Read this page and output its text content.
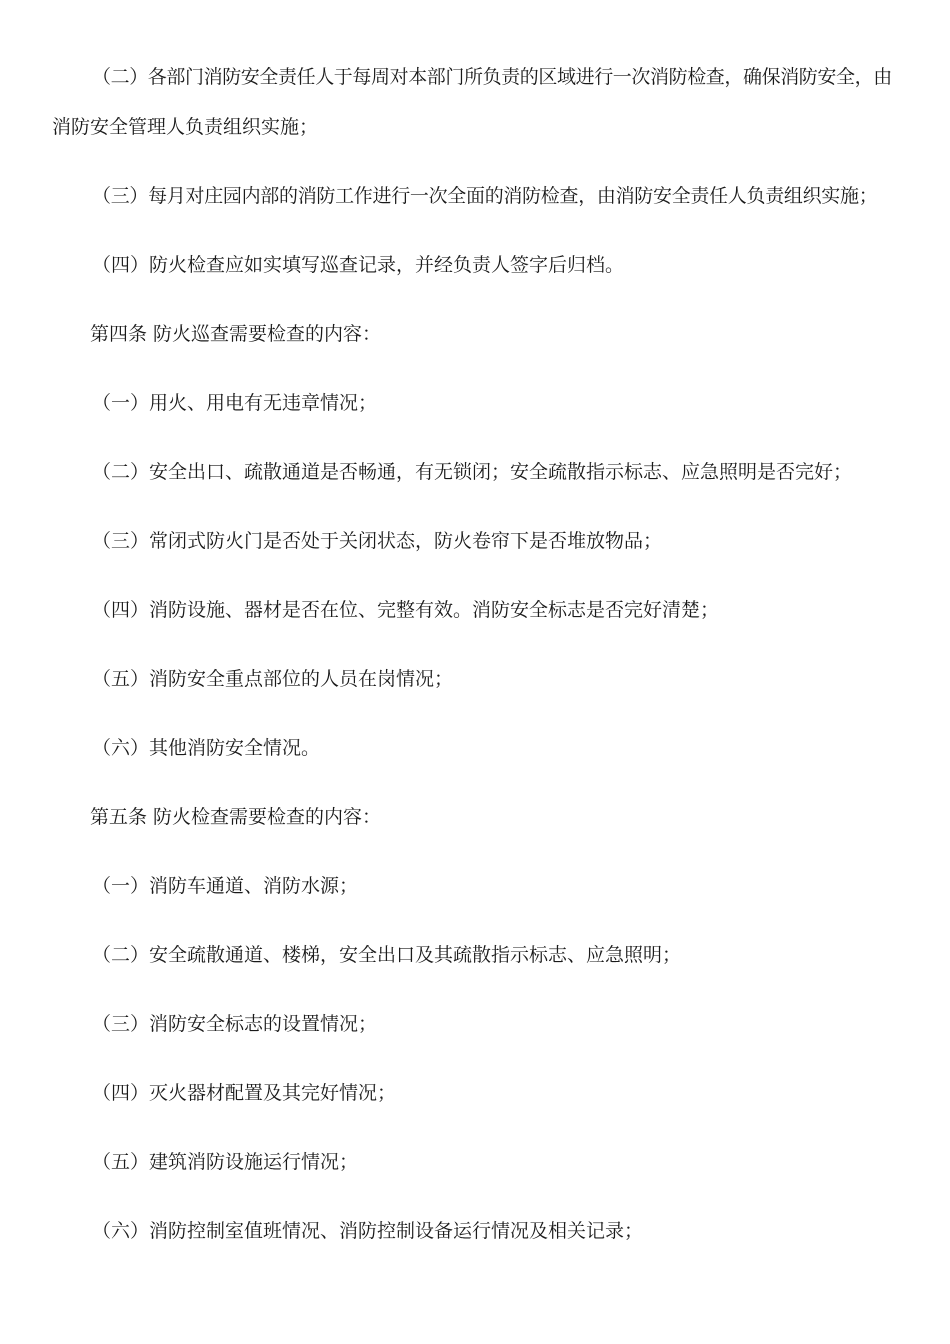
（二）各部门消防安全责任人于每周对本部门所负责的区域进行一次消防检查，确保消防安全，由
消防安全管理人负责组织实施；
（三）每月对庄园内部的消防工作进行一次全面的消防检查，由消防安全责任人负责组织实施；
（四）防火检查应如实填写巡查记录，并经负责人签字后归档。
第四条 防火巡查需要检查的内容：
（一）用火、用电有无违章情况；
（二）安全出口、疏散通道是否畅通，有无锁闭；安全疏散指示标志、应急照明是否完好；
（三）常闭式防火门是否处于关闭状态，防火卷帘下是否堆放物品；
（四）消防设施、器材是否在位、完整有效。消防安全标志是否完好清楚；
（五）消防安全重点部位的人员在岗情况；
（六）其他消防安全情况。
第五条 防火检查需要检查的内容：
（一）消防车通道、消防水源；
（二）安全疏散通道、楼梯，安全出口及其疏散指示标志、应急照明；
（三）消防安全标志的设置情况；
（四）灭火器材配置及其完好情况；
（五）建筑消防设施运行情况；
（六）消防控制室值班情况、消防控制设备运行情况及相关记录；
